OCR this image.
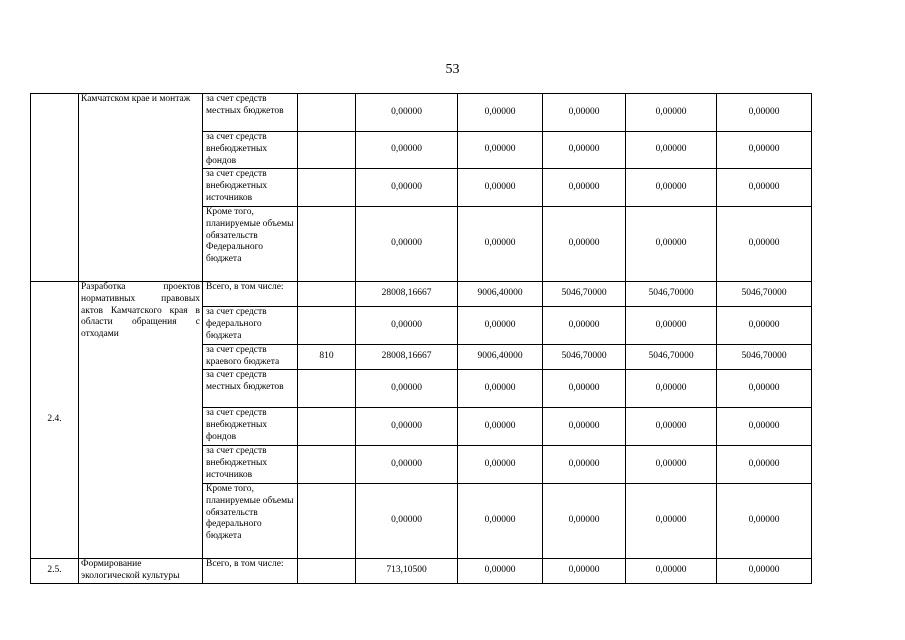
53
	Камчатском крае и монтаж	за счет средств местных бюджетов		0,00000	0,00000	0,00000	0,00000	0,00000
		за счет средств внебюджетных фондов		0,00000	0,00000	0,00000	0,00000	0,00000
		за счет средств внебюджетных источников		0,00000	0,00000	0,00000	0,00000	0,00000
		Кроме того, планируемые объемы обязательств Федерального бюджета		0,00000	0,00000	0,00000	0,00000	0,00000
2.4.	Разработка проектов нормативных правовых актов Камчатского края в области обращения с отходами	Всего, в том числе:		28008,16667	9006,40000	5046,70000	5046,70000	5046,70000
		за счет средств федерального бюджета		0,00000	0,00000	0,00000	0,00000	0,00000
		за счет средств краевого бюджета	810	28008,16667	9006,40000	5046,70000	5046,70000	5046,70000
		за счет средств местных бюджетов		0,00000	0,00000	0,00000	0,00000	0,00000
		за счет средств внебюджетных фондов		0,00000	0,00000	0,00000	0,00000	0,00000
		за счет средств внебюджетных источников		0,00000	0,00000	0,00000	0,00000	0,00000
		Кроме того, планируемые объемы обязательств федерального бюджета		0,00000	0,00000	0,00000	0,00000	0,00000
2.5.	Формирование экологической культуры	Всего, в том числе:		713,10500	0,00000	0,00000	0,00000	0,00000
